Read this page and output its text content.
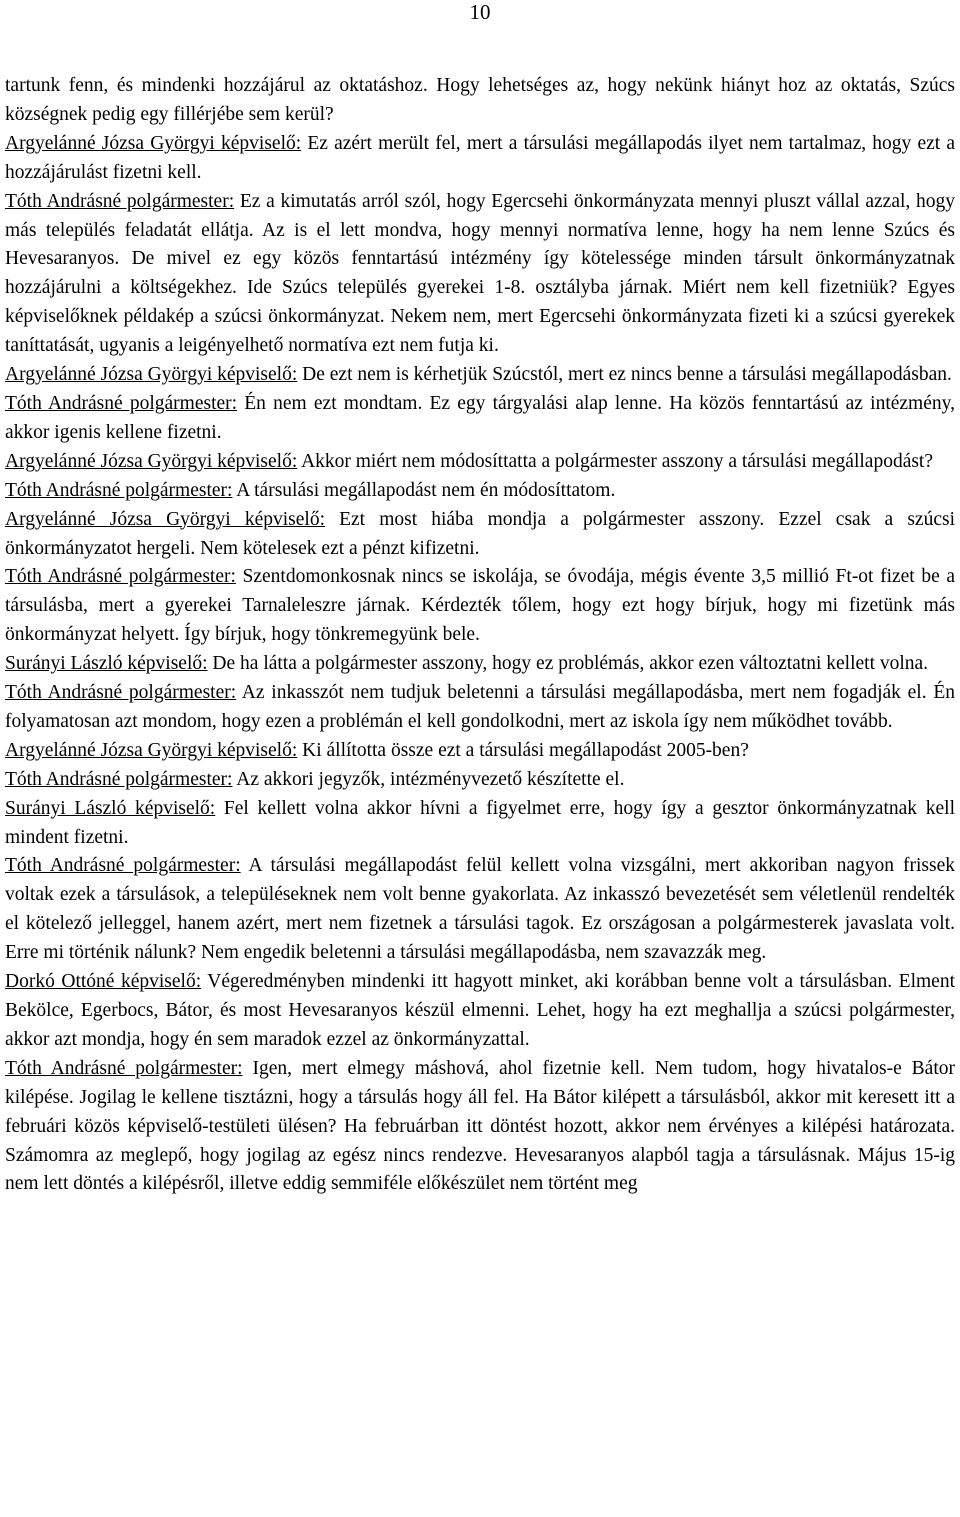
10

tartunk fenn, és mindenki hozzájárul az oktatáshoz. Hogy lehetséges az, hogy nekünk hiányt hoz az oktatás, Szúcs községnek pedig egy fillérjébe sem kerül?

Argyelánné Józsa Györgyi képviselő: Ez azért merült fel, mert a társulási megállapodás ilyet nem tartalmaz, hogy ezt a hozzájárulást fizetni kell.

Tóth Andrásné polgármester: Ez a kimutatás arról szól, hogy Egercsehi önkormányzata mennyi pluszt vállal azzal, hogy más település feladatát ellátja. Az is el lett mondva, hogy mennyi normatíva lenne, hogy ha nem lenne Szúcs és Hevesaranyos. De mivel ez egy közös fenntartású intézmény így kötelessége minden társult önkormányzatnak hozzájárulni a költségekhez. Ide Szúcs település gyerekei 1-8. osztályba járnak. Miért nem kell fizetniük? Egyes képviselőknek példakép a szúcsi önkormányzat. Nekem nem, mert Egercsehi önkormányzata fizeti ki a szúcsi gyerekek taníttatását, ugyanis a leigényelhető normatíva ezt nem futja ki.

Argyelánné Józsa Györgyi képviselő: De ezt nem is kérhetjük Szúcstól, mert ez nincs benne a társulási megállapodásban.

Tóth Andrásné polgármester: Én nem ezt mondtam. Ez egy tárgyalási alap lenne. Ha közös fenntartású az intézmény, akkor igenis kellene fizetni.

Argyelánné Józsa Györgyi képviselő: Akkor miért nem módosíttatta a polgármester asszony a társulási megállapodást?

Tóth Andrásné polgármester: A társulási megállapodást nem én módosíttatom.

Argyelánné Józsa Györgyi képviselő: Ezt most hiába mondja a polgármester asszony. Ezzel csak a szúcsi önkormányzatot hergeli. Nem kötelesek ezt a pénzt kifizetni.

Tóth Andrásné polgármester: Szentdomonkosnak nincs se iskolája, se óvodája, mégis évente 3,5 millió Ft-ot fizet be a társulásba, mert a gyerekei Tarnaleleszre járnak. Kérdezték tőlem, hogy ezt hogy bírjuk, hogy mi fizetünk más önkormányzat helyett. Így bírjuk, hogy tönkremegyünk bele.

Surányi László képviselő: De ha látta a polgármester asszony, hogy ez problémás, akkor ezen változtatni kellett volna.

Tóth Andrásné polgármester: Az inkasszót nem tudjuk beletenni a társulási megállapodásba, mert nem fogadják el. Én folyamatosan azt mondom, hogy ezen a problémán el kell gondolkodni, mert az iskola így nem működhet tovább.

Argyelánné Józsa Györgyi képviselő: Ki állította össze ezt a társulási megállapodást 2005-ben?

Tóth Andrásné polgármester: Az akkori jegyzők, intézményvezető készítette el.

Surányi László képviselő: Fel kellett volna akkor hívni a figyelmet erre, hogy így a gesztor önkormányzatnak kell mindent fizetni.

Tóth Andrásné polgármester: A társulási megállapodást felül kellett volna vizsgálni, mert akkoriban nagyon frissek voltak ezek a társulások, a településeknek nem volt benne gyakorlata. Az inkasszó bevezetését sem véletlenül rendelték el kötelező jelleggel, hanem azért, mert nem fizetnek a társulási tagok. Ez országosan a polgármesterek javaslata volt. Erre mi történik nálunk? Nem engedik beletenni a társulási megállapodásba, nem szavazzák meg.

Dorkó Ottóné képviselő: Végeredményben mindenki itt hagyott minket, aki korábban benne volt a társulásban. Elment Bekölce, Egerbocs, Bátor, és most Hevesaranyos készül elmenni. Lehet, hogy ha ezt meghallja a szúcsi polgármester, akkor azt mondja, hogy én sem maradok ezzel az önkormányzattal.

Tóth Andrásné polgármester: Igen, mert elmegy máshová, ahol fizetnie kell. Nem tudom, hogy hivatalos-e Bátor kilépése. Jogilag le kellene tisztázni, hogy a társulás hogy áll fel. Ha Bátor kilépett a társulásból, akkor mit keresett itt a februári közös képviselő-testületi ülésen? Ha februárban itt döntést hozott, akkor nem érvényes a kilépési határozata. Számomra az meglepő, hogy jogilag az egész nincs rendezve. Hevesaranyos alapból tagja a társulásnak. Május 15-ig nem lett döntés a kilépésről, illetve eddig semmiféle előkészület nem történt meg
